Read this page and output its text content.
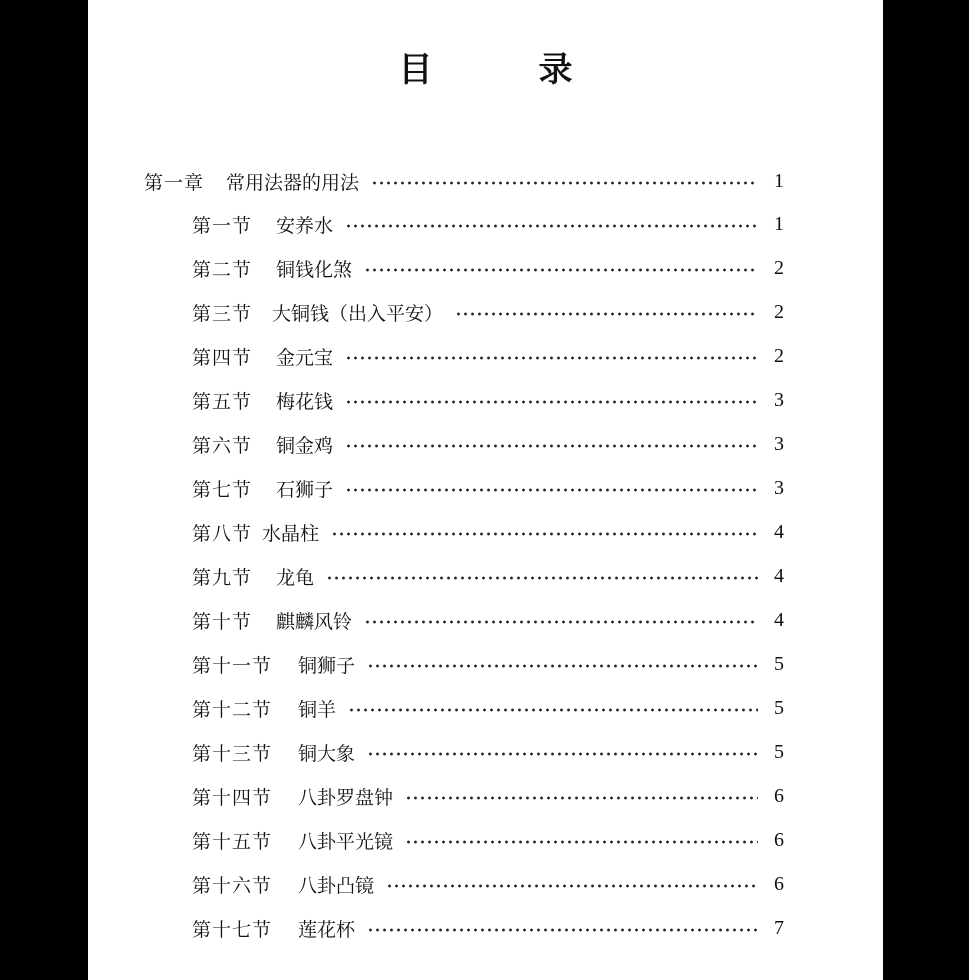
目　录
第一章 常用法器的用法	1
第一节 安养水	1
第二节 铜钱化煞	2
第三节 大铜钱（出入平安）	2
第四节 金元宝	2
第五节 梅花钱	3
第六节 铜金鸡	3
第七节 石狮子	3
第八节 水晶柱	4
第九节 龙龟	4
第十节 麒麟风铃	4
第十一节 铜狮子	5
第十二节 铜羊	5
第十三节 铜大象	5
第十四节 八卦罗盘钟	6
第十五节 八卦平光镜	6
第十六节 八卦凸镜	6
第十七节 莲花杯	7
